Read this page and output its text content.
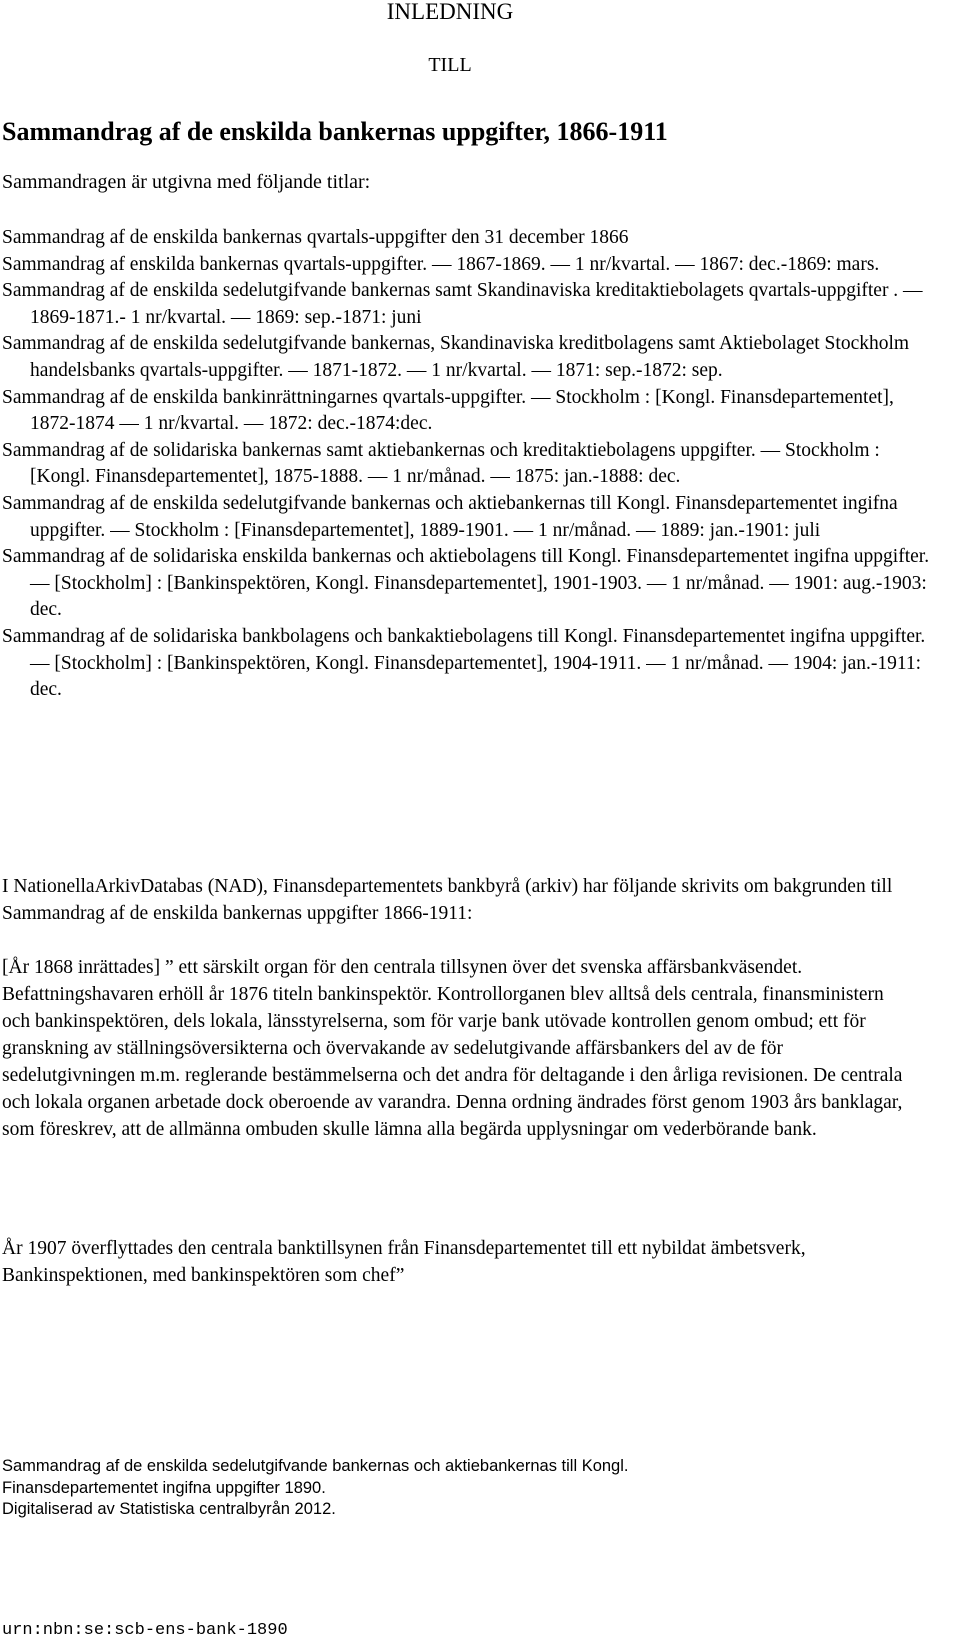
INLEDNING
TILL
Sammandrag af de enskilda bankernas uppgifter, 1866-1911
Sammandragen är utgivna med följande titlar:
Sammandrag af de enskilda bankernas qvartals-uppgifter den 31 december 1866
Sammandrag af enskilda bankernas qvartals-uppgifter. — 1867-1869. — 1 nr/kvartal. — 1867: dec.-1869: mars.
Sammandrag af de enskilda sedelutgifvande bankernas samt Skandinaviska kreditaktiebolagets qvartals-uppgifter . — 1869-1871.- 1 nr/kvartal. — 1869: sep.-1871: juni
Sammandrag af de enskilda sedelutgifvande bankernas, Skandinaviska kreditbolagens samt Aktiebolaget Stockholm handelsbanks qvartals-uppgifter. — 1871-1872. — 1 nr/kvartal. — 1871: sep.-1872: sep.
Sammandrag af de enskilda bankinrättningarnes qvartals-uppgifter. — Stockholm : [Kongl. Finansdepartementet], 1872-1874 — 1 nr/kvartal. — 1872: dec.-1874:dec.
Sammandrag af de solidariska bankernas samt aktiebankernas och kreditaktiebolagens uppgifter. — Stockholm : [Kongl. Finansdepartementet], 1875-1888. — 1 nr/månad. — 1875: jan.-1888: dec.
Sammandrag af de enskilda sedelutgifvande bankernas och aktiebankernas till Kongl. Finansdepartementet ingifna uppgifter. — Stockholm : [Finansdepartementet], 1889-1901. — 1 nr/månad. — 1889: jan.-1901: juli
Sammandrag af de solidariska enskilda bankernas och aktiebolagens till Kongl. Finansdepartementet ingifna uppgifter. — [Stockholm] : [Bankinspektören, Kongl. Finansdepartementet], 1901-1903. — 1 nr/månad. — 1901: aug.-1903: dec.
Sammandrag af de solidariska bankbolagens och bankaktiebolagens till Kongl. Finansdepartementet ingifna uppgifter. — [Stockholm] : [Bankinspektören, Kongl. Finansdepartementet], 1904-1911. — 1 nr/månad. — 1904: jan.-1911: dec.

I NationellaArkivDatabas (NAD), Finansdepartementets bankbyrå (arkiv) har följande skrivits om bakgrunden till Sammandrag af de enskilda bankernas uppgifter 1866-1911:

[År 1868 inrättades] ” ett särskilt organ för den centrala tillsynen över det svenska affärsbankväsendet. Befattningshavaren erhöll år 1876 titeln bankinspektör. Kontrollorganen blev alltså dels centrala, finansministern och bankinspektören, dels lokala, länsstyrelserna, som för varje bank utövade kontrollen genom ombud; ett för granskning av ställningsöversikterna och övervakande av sedelutgivande affärsbankers del av de för sedelutgivningen m.m. reglerande bestämmelserna och det andra för deltagande i den årliga revisionen. De centrala och lokala organen arbetade dock oberoende av varandra. Denna ordning ändrades först genom 1903 års banklagar, som föreskrev, att de allmänna ombuden skulle lämna alla begärda upplysningar om vederbörande bank.

År 1907 överflyttades den centrala banktillsynen från Finansdepartementet till ett nybildat ämbetsverk, Bankinspektionen, med bankinspektören som chef”

Sammandrag af de enskilda sedelutgifvande bankernas och aktiebankernas till Kongl.
Finansdepartementet ingifna uppgifter 1890.
Digitaliserad av Statistiska centralbyrån 2012.
urn:nbn:se:scb-ens-bank-1890
